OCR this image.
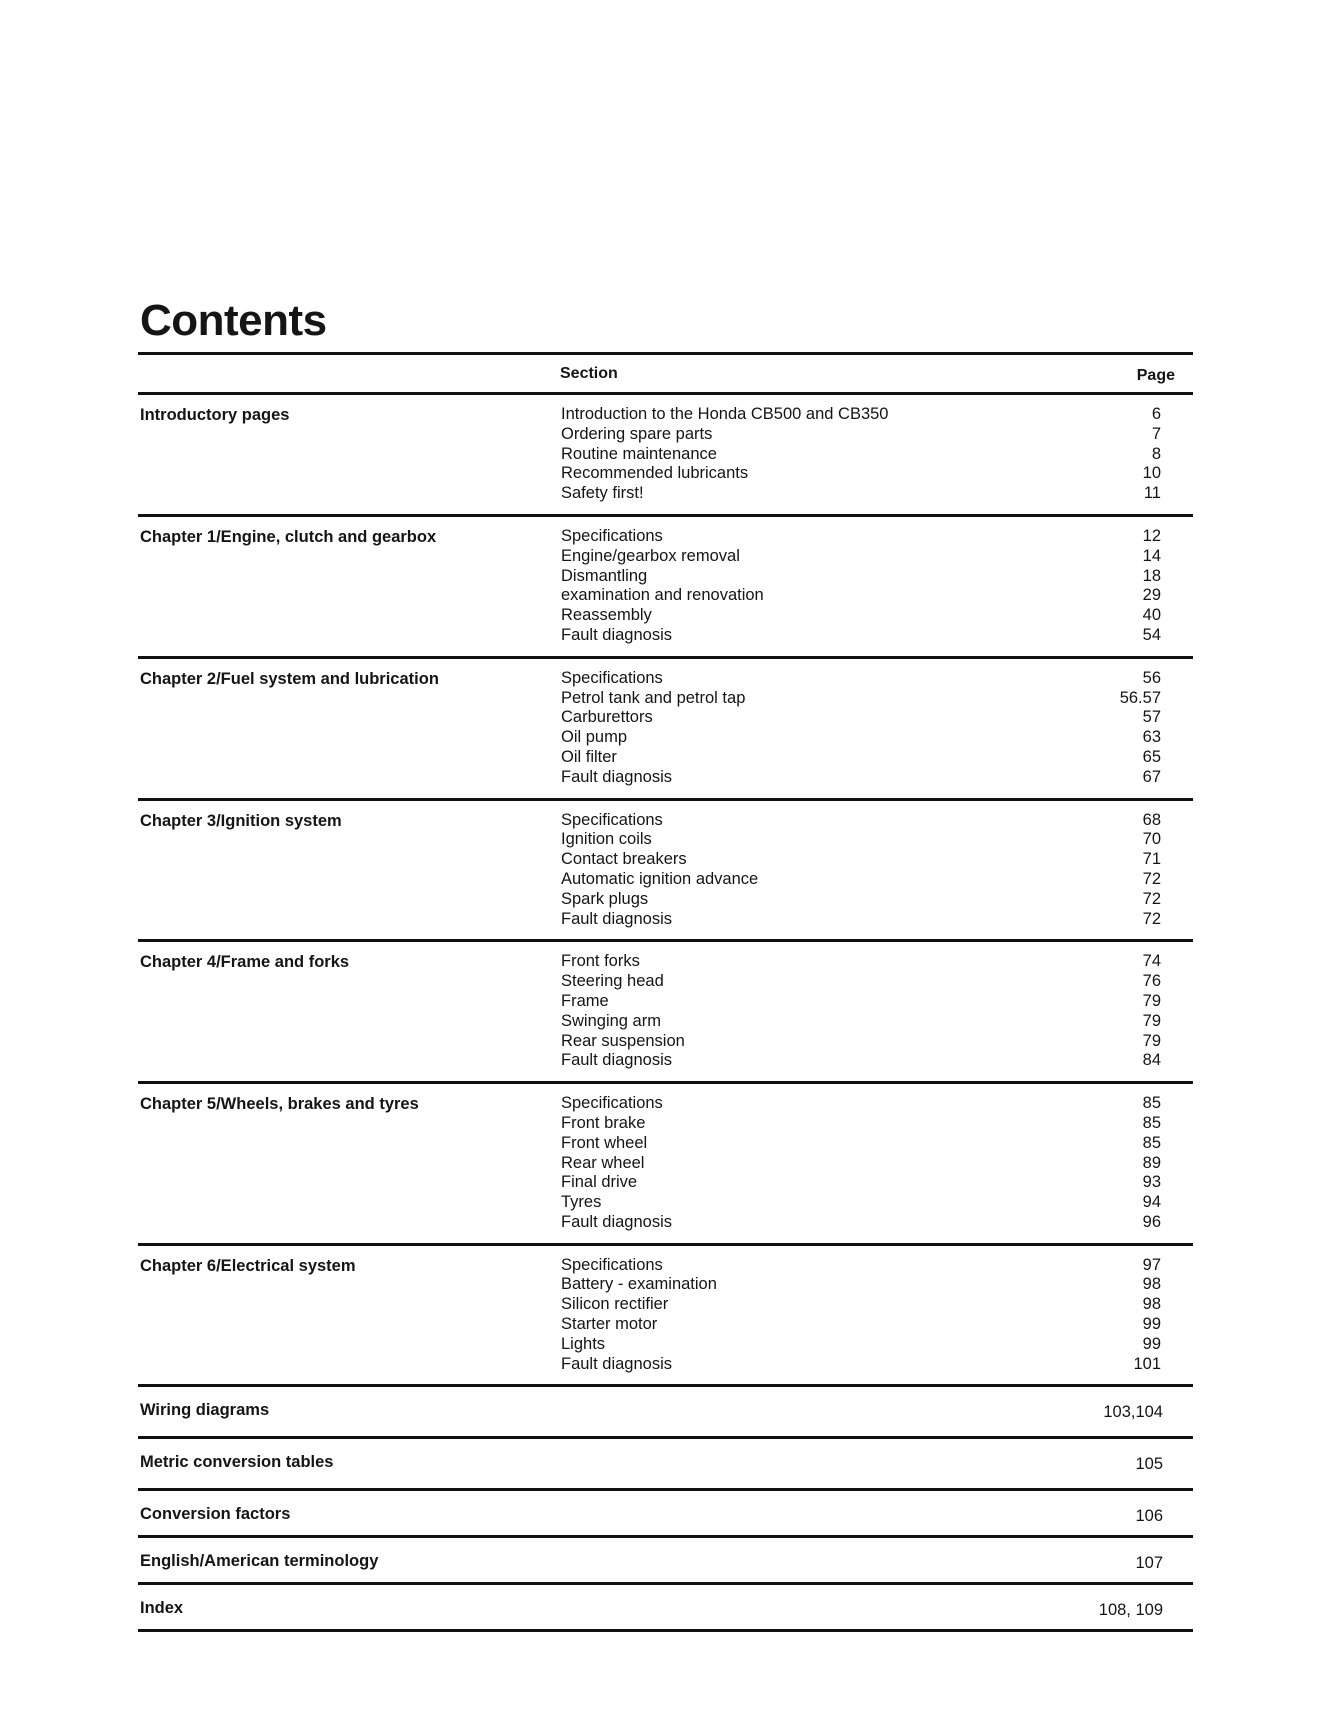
Contents
Section	Page
Introductory pages	Introduction to the Honda CB500 and CB350	6
Ordering spare parts	7
Routine maintenance	8
Recommended lubricants	10
Safety first!	11
Chapter 1/Engine, clutch and gearbox	Specifications	12
Engine/gearbox removal	14
Dismantling	18
examination and renovation	29
Reassembly	40
Fault diagnosis	54
Chapter 2/Fuel system and lubrication	Specifications	56
Petrol tank and petrol tap	56.57
Carburettors	57
Oil pump	63
Oil filter	65
Fault diagnosis	67
Chapter 3/Ignition system	Specifications	68
Ignition coils	70
Contact breakers	71
Automatic ignition advance	72
Spark plugs	72
Fault diagnosis	72
Chapter 4/Frame and forks	Front forks	74
Steering head	76
Frame	79
Swinging arm	79
Rear suspension	79
Fault diagnosis	84
Chapter 5/Wheels, brakes and tyres	Specifications	85
Front brake	85
Front wheel	85
Rear wheel	89
Final drive	93
Tyres	94
Fault diagnosis	96
Chapter 6/Electrical system	Specifications	97
Battery - examination	98
Silicon rectifier	98
Starter motor	99
Lights	99
Fault diagnosis	101
Wiring diagrams	103,104
Metric conversion tables	105
Conversion factors	106
English/American terminology	107
Index	108, 109
